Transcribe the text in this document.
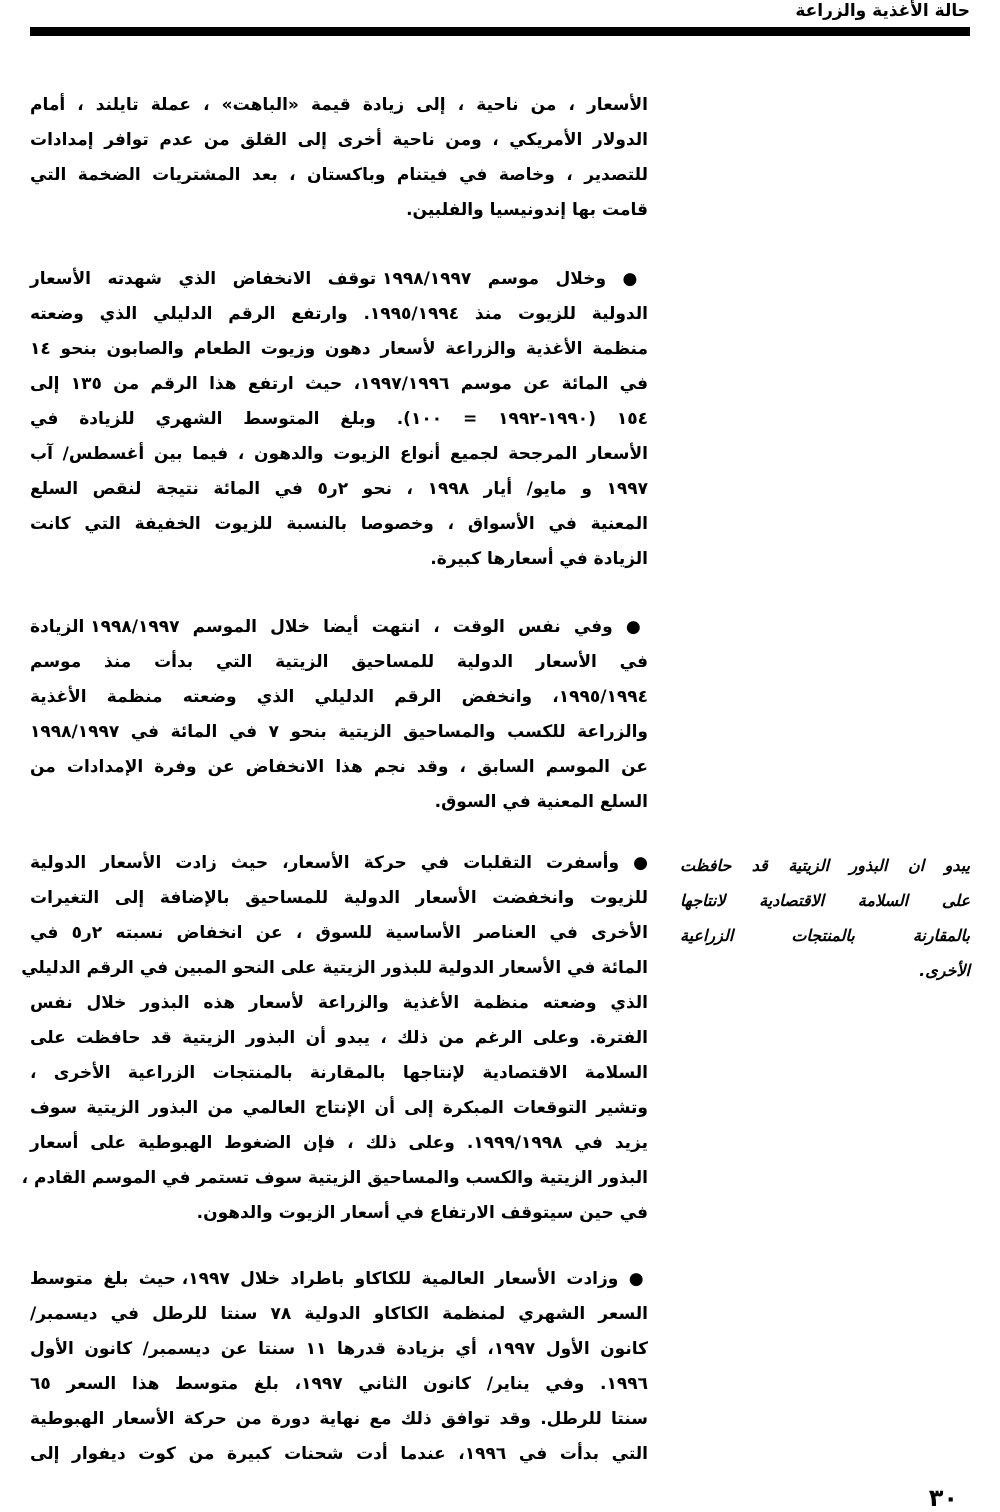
حالة الأغذية والزراعة
الأسعار ، من ناحية ، إلى زيادة قيمة «الباهت» ، عملة تايلند ، أمام
الدولار الأمريكي ، ومن ناحية أخرى إلى القلق من عدم توافر إمدادات
للتصدير ، وخاصة في فيتنام وباكستان ، بعد المشتريات الضخمة التي
قامت بها إندونيسيا والفلبين.
● وخلال موسم ١٩٩٨/١٩٩٧ توقف الانخفاض الذي شهدته الأسعار
الدولية للزيوت منذ ١٩٩٥/١٩٩٤. وارتفع الرقم الدليلي الذي وضعته
منظمة الأغذية والزراعة لأسعار دهون وزيوت الطعام والصابون بنحو ١٤
في المائة عن موسم ١٩٩٧/١٩٩٦، حيث ارتفع هذا الرقم من ١٣٥ إلى
١٥٤ (١٩٩٠-١٩٩٢ = ١٠٠). وبلغ المتوسط الشهري للزيادة في
الأسعار المرجحة لجميع أنواع الزيوت والدهون ، فيما بين أغسطس/ آب
١٩٩٧ و مايو/ أيار ١٩٩٨ ، نحو ٢ر٥ في المائة نتيجة لنقص السلع
المعنية في الأسواق ، وخصوصا بالنسبة للزيوت الخفيفة التي كانت
الزيادة في أسعارها كبيرة.
● وفي نفس الوقت ، انتهت أيضا خلال الموسم ١٩٩٨/١٩٩٧ الزيادة
في الأسعار الدولية للمساحيق الزيتية التي بدأت منذ موسم
١٩٩٥/١٩٩٤، وانخفض الرقم الدليلي الذي وضعته منظمة الأغذية
والزراعة للكسب والمساحيق الزيتية بنحو ٧ في المائة في ١٩٩٨/١٩٩٧
عن الموسم السابق ، وقد نجم هذا الانخفاض عن وفرة الإمدادات من
السلع المعنية في السوق.
● وأسفرت التقلبات في حركة الأسعار، حيث زادت الأسعار الدولية
للزيوت وانخفضت الأسعار الدولية للمساحيق بالإضافة إلى التغيرات
الأخرى في العناصر الأساسية للسوق ، عن انخفاض نسبته ٢ر٥ في
المائة في الأسعار الدولية للبذور الزيتية على النحو المبين في الرقم الدليلي
الذي وضعته منظمة الأغذية والزراعة لأسعار هذه البذور خلال نفس
الفترة. وعلى الرغم من ذلك ، يبدو أن البذور الزيتية قد حافظت على
السلامة الاقتصادية لإنتاجها بالمقارنة بالمنتجات الزراعية الأخرى ،
وتشير التوقعات المبكرة إلى أن الإنتاج العالمي من البذور الزيتية سوف
يزيد في ١٩٩٩/١٩٩٨. وعلى ذلك ، فإن الضغوط الهبوطية على أسعار
البذور الزيتية والكسب والمساحيق الزيتية سوف تستمر في الموسم القادم ،
في حين سيتوقف الارتفاع في أسعار الزيوت والدهون.
● وزادت الأسعار العالمية للكاكاو باطراد خلال ١٩٩٧، حيث بلغ متوسط
السعر الشهري لمنظمة الكاكاو الدولية ٧٨ سنتا للرطل في ديسمبر/
كانون الأول ١٩٩٧، أي بزيادة قدرها ١١ سنتا عن ديسمبر/ كانون الأول
١٩٩٦. وفي يناير/ كانون الثاني ١٩٩٧، بلغ متوسط هذا السعر ٦٥
سنتا للرطل. وقد توافق ذلك مع نهاية دورة من حركة الأسعار الهبوطية
التي بدأت في ١٩٩٦، عندما أدت شحنات كبيرة من كوت ديفوار إلى
يبدو ان البذور الزيتية قد حافظت
على السلامة الاقتصادية لانتاجها
بالمقارنة بالمنتجات الزراعية
الأخرى.
٣٠
